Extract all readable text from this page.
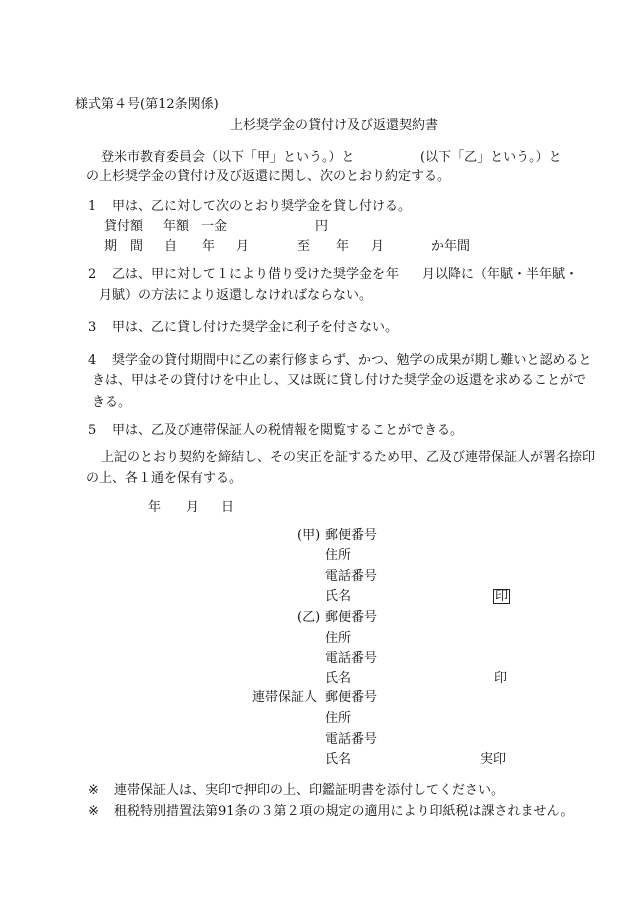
様式第４号(第12条関係)
上杉奨学金の貸付け及び返還契約書
登米市教育委員会（以下「甲」という。）と	(以下「乙」という。）と
の上杉奨学金の貸付け及び返還に関し、次のとおり約定する。
1 甲は、乙に対して次のとおり奨学金を貸し付ける。
貸付額 年額 一金	円
期　間 自 年 月	至 年 月	か年間
2 乙は、甲に対して１により借り受けた奨学金を 年 月以降に（年賦・半年賦・
月賦）の方法により返還しなければならない。
3 甲は、乙に貸し付けた奨学金に利子を付さない。
4 奨学金の貸付期間中に乙の素行修まらず、かつ、勉学の成果が期し難いと認めると
きは、甲はその貸付けを中止し、又は既に貸し付けた奨学金の返還を求めることがで
きる。
5 甲は、乙及び連帯保証人の税情報を閲覧することができる。
上記のとおり契約を締結し、その実正を証するため甲、乙及び連帯保証人が署名捺印
の上、各１通を保有する。
年 月 日
(甲) 郵便番号
住所
電話番号
氏名	印
(乙) 郵便番号
住所
電話番号
氏名	印
連帯保証人 郵便番号
住所
電話番号
氏名	実印
※ 連帯保証人は、実印で押印の上、印鑑証明書を添付してください。
※ 租税特別措置法第91条の３第２項の規定の適用により印紙税は課されません。
